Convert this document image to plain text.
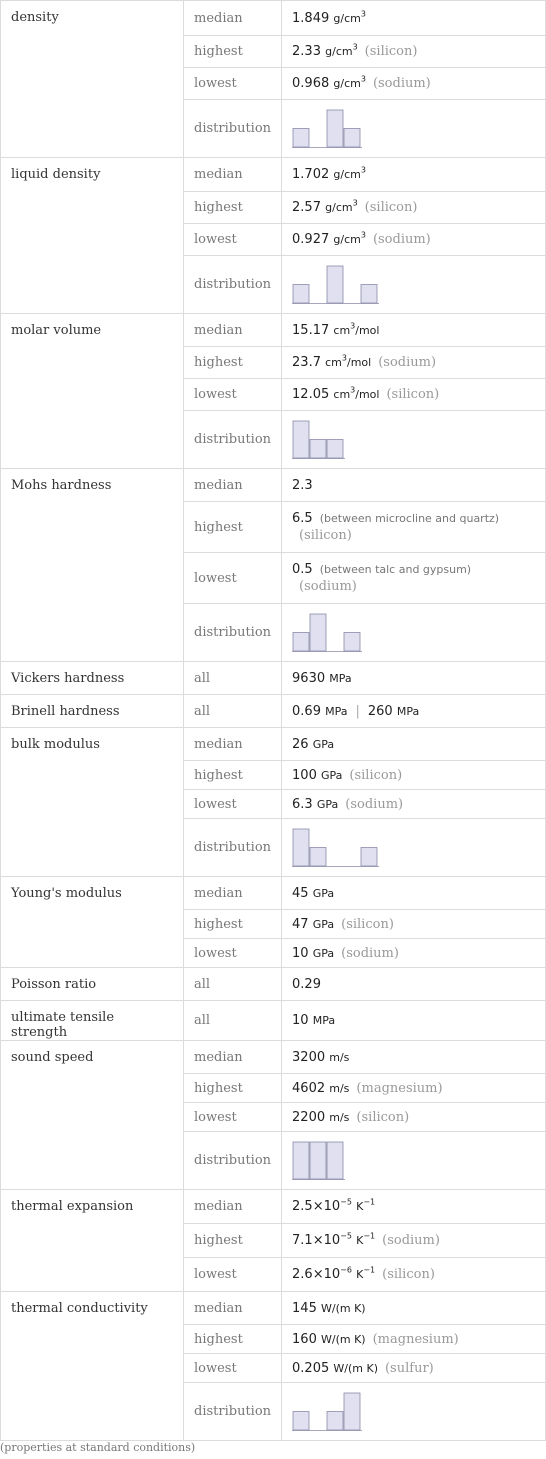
density	median	1.849 $g/cm^3$
	highest	2.33 $g/cm^3$ (silicon)
	lowest	0.968 $g/cm^3$ (sodium)
	distribution	

liquid density	median	1.702 $g/cm^3$
	highest	2.57 $g/cm^3$ (silicon)
	lowest	0.927 $g/cm^3$ (sodium)
	distribution	

molar volume	median	15.17 $cm^3$/mol
	highest	23.7 $cm^3$/mol (sodium)
	lowest	12.05 $cm^3$/mol (silicon)
	distribution	

Mohs hardness	median	2.3
	highest	6.5 (between microcline and quartz)
(silicon)

	lowest	0.5 (between talc and gypsum)
(sodium)

	distribution	

Vickers hardness	all	9630 MPa
Brinell hardness	all	0.69 MPa | 260 MPa
bulk modulus	median	26 GPa
	highest	100 GPa (silicon)
	lowest	6.3 GPa (sodium)
	distribution	

Young's modulus	median	45 GPa
	highest	47 GPa (silicon)
	lowest	10 GPa (sodium)
Poisson ratio	all	0.29
ultimate tensile strength	all	10 MPa
sound speed	median	3200 m/s
	highest	4602 m/s (magnesium)
	lowest	2200 m/s (silicon)
	distribution	

thermal expansion	median	$2.5\times 10^{-5}$ $K^{-1}$
	highest	$7.1\times 10^{-5}$ $K^{-1}$ (sodium)
	lowest	$2.6\times 10^{-6}$ $K^{-1}$ (silicon)
thermal conductivity	median	145 W/(m K)
	highest	160 W/(m K) (magnesium)
	lowest	0.205 W/(m K) (sulfur)
	distribution	
(properties at standard conditions)
